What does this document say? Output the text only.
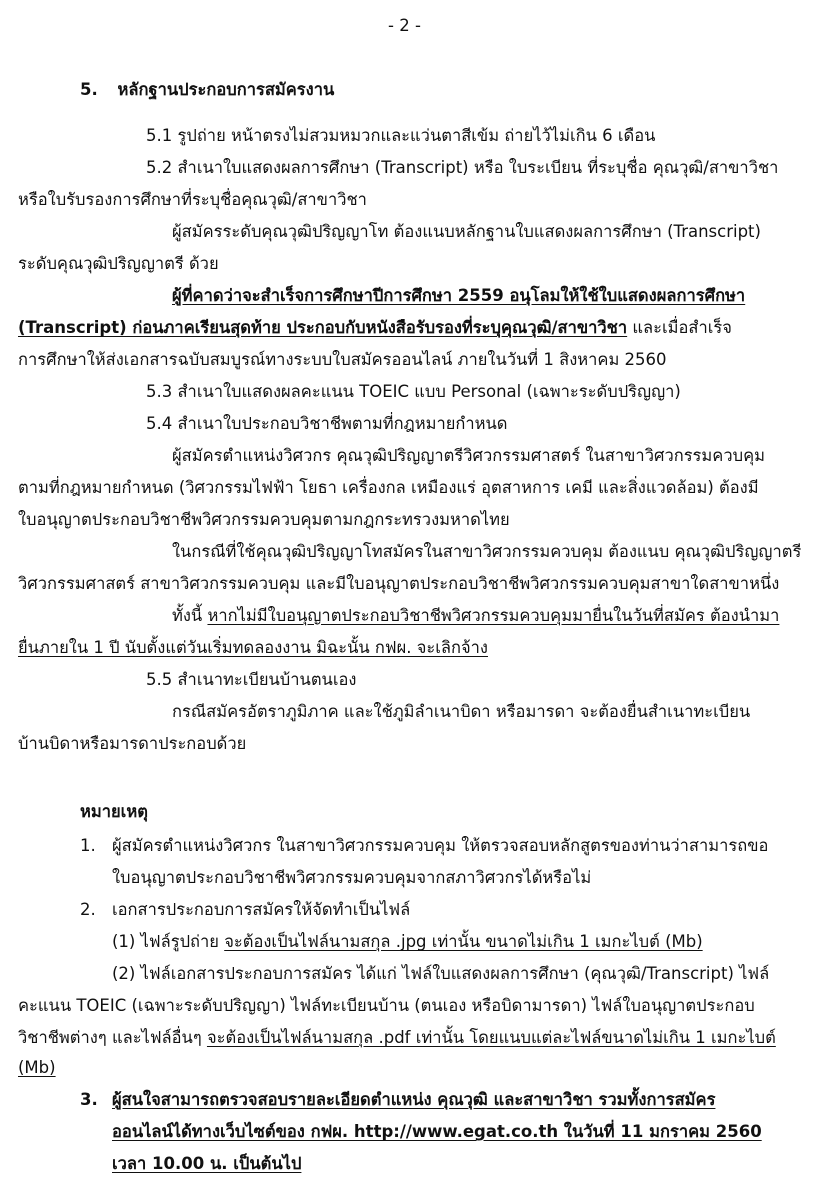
- 2 -
5. หลักฐานประกอบการสมัครงาน
5.1 รูปถ่าย หน้าตรงไม่สวมหมวกและแว่นตาสีเข้ม ถ่ายไว้ไม่เกิน 6 เดือน
5.2 สำเนาใบแสดงผลการศึกษา (Transcript) หรือ ใบระเบียน ที่ระบุชื่อ คุณวุฒิ/สาขาวิชา
หรือใบรับรองการศึกษาที่ระบุชื่อคุณวุฒิ/สาขาวิชา
ผู้สมัครระดับคุณวุฒิปริญญาโท ต้องแนบหลักฐานใบแสดงผลการศึกษา (Transcript)
ระดับคุณวุฒิปริญญาตรี ด้วย
ผู้ที่คาดว่าจะสำเร็จการศึกษาปีการศึกษา 2559 อนุโลมให้ใช้ใบแสดงผลการศึกษา
(Transcript) ก่อนภาคเรียนสุดท้าย ประกอบกับหนังสือรับรองที่ระบุคุณวุฒิ/สาขาวิชา และเมื่อสำเร็จ
การศึกษาให้ส่งเอกสารฉบับสมบูรณ์ทางระบบใบสมัครออนไลน์ ภายในวันที่ 1 สิงหาคม 2560
5.3 สำเนาใบแสดงผลคะแนน TOEIC แบบ Personal (เฉพาะระดับปริญญา)
5.4 สำเนาใบประกอบวิชาชีพตามที่กฎหมายกำหนด
ผู้สมัครตำแหน่งวิศวกร คุณวุฒิปริญญาตรีวิศวกรรมศาสตร์ ในสาขาวิศวกรรมควบคุม
ตามที่กฎหมายกำหนด (วิศวกรรมไฟฟ้า โยธา เครื่องกล เหมืองแร่ อุตสาหการ เคมี และสิ่งแวดล้อม) ต้องมี
ใบอนุญาตประกอบวิชาชีพวิศวกรรมควบคุมตามกฎกระทรวงมหาดไทย
ในกรณีที่ใช้คุณวุฒิปริญญาโทสมัครในสาขาวิศวกรรมควบคุม ต้องแนบ คุณวุฒิปริญญาตรี
วิศวกรรมศาสตร์ สาขาวิศวกรรมควบคุม และมีใบอนุญาตประกอบวิชาชีพวิศวกรรมควบคุมสาขาใดสาขาหนึ่ง
ทั้งนี้ หากไม่มีใบอนุญาตประกอบวิชาชีพวิศวกรรมควบคุมมายื่นในวันที่สมัคร ต้องนำมา
ยื่นภายใน 1 ปี นับตั้งแต่วันเริ่มทดลองงาน มิฉะนั้น กฟผ. จะเลิกจ้าง
5.5 สำเนาทะเบียนบ้านตนเอง
กรณีสมัครอัตราภูมิภาค และใช้ภูมิลำเนาบิดา หรือมารดา จะต้องยื่นสำเนาทะเบียน
บ้านบิดาหรือมารดาประกอบด้วย
หมายเหตุ
1. ผู้สมัครตำแหน่งวิศวกร ในสาขาวิศวกรรมควบคุม ให้ตรวจสอบหลักสูตรของท่านว่าสามารถขอ
ใบอนุญาตประกอบวิชาชีพวิศวกรรมควบคุมจากสภาวิศวกรได้หรือไม่
2. เอกสารประกอบการสมัครให้จัดทำเป็นไฟล์
(1) ไฟล์รูปถ่าย จะต้องเป็นไฟล์นามสกุล .jpg เท่านั้น ขนาดไม่เกิน 1 เมกะไบต์ (Mb)
(2) ไฟล์เอกสารประกอบการสมัคร ได้แก่ ไฟล์ใบแสดงผลการศึกษา (คุณวุฒิ/Transcript) ไฟล์
คะแนน TOEIC (เฉพาะระดับปริญญา) ไฟล์ทะเบียนบ้าน (ตนเอง หรือบิดามารดา) ไฟล์ใบอนุญาตประกอบ
วิชาชีพต่างๆ และไฟล์อื่นๆ จะต้องเป็นไฟล์นามสกุล .pdf เท่านั้น โดยแนบแต่ละไฟล์ขนาดไม่เกิน 1 เมกะไบต์
(Mb)
3. ผู้สนใจสามารถตรวจสอบรายละเอียดตำแหน่ง คุณวุฒิ และสาขาวิชา รวมทั้งการสมัคร
ออนไลน์ได้ทางเว็บไซต์ของ กฟผ. http://www.egat.co.th ในวันที่ 11 มกราคม 2560
เวลา 10.00 น. เป็นต้นไป
